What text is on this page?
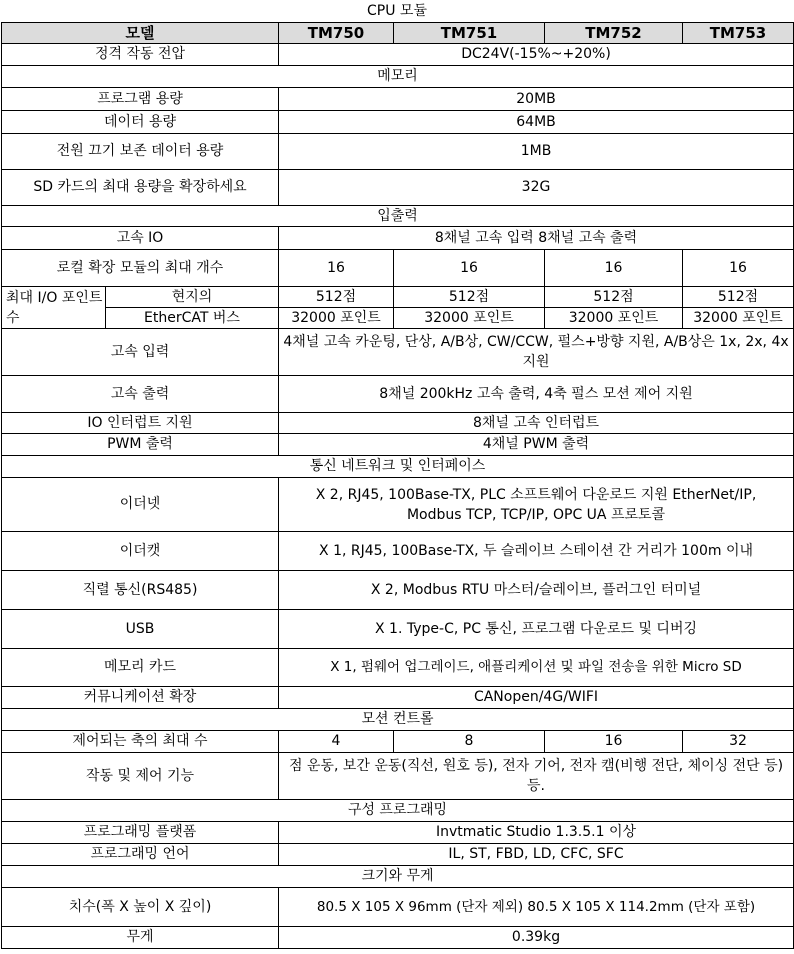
CPU 모듈
모델		TM750	TM751	TM752	TM753
정격 작동 전압		DC24V(-15%~+20%)			
메모리					
프로그램 용량		20MB			
데이터 용량		64MB			
전원 끄기 보존 데이터 용량		1MB			
SD 카드의 최대 용량을 확장하세요		32G			
입출력					
고속 IO		8채널 고속 입력 8채널 고속 출력			
로컬 확장 모듈의 최대 개수		16	16	16	16
최대 I/O 포인트 수	현지의	512점	512점	512점	512점
	EtherCAT 버스	32000 포인트	32000 포인트	32000 포인트	32000 포인트
고속 입력		4채널 고속 카운팅, 단상, A/B상, CW/CCW, 펄스+방향 지원, A/B상은 1x, 2x, 4x 지원			
고속 출력		8채널 200kHz 고속 출력, 4축 펄스 모션 제어 지원			
IO 인터럽트 지원		8채널 고속 인터럽트			
PWM 출력		4채널 PWM 출력			
통신 네트워크 및 인터페이스					
이더넷		X 2, RJ45, 100Base-TX, PLC 소프트웨어 다운로드 지원 EtherNet/IP, Modbus TCP, TCP/IP, OPC UA 프로토콜			
이더캣		X 1, RJ45, 100Base-TX, 두 슬레이브 스테이션 간 거리가 100m 이내			
직렬 통신(RS485)		X 2, Modbus RTU 마스터/슬레이브, 플러그인 터미널			
USB		X 1. Type-C, PC 통신, 프로그램 다운로드 및 디버깅			
메모리 카드		X 1, 펌웨어 업그레이드, 애플리케이션 및 파일 전송을 위한 Micro SD			
커뮤니케이션 확장		CANopen/4G/WIFI			
모션 컨트롤					
제어되는 축의 최대 수		4	8	16	32
작동 및 제어 기능		점 운동, 보간 운동(직선, 원호 등), 전자 기어, 전자 캠(비행 전단, 체이싱 전단 등) 등.			
구성 프로그래밍					
프로그래밍 플랫폼		Invtmatic Studio 1.3.5.1 이상			
프로그래밍 언어		IL, ST, FBD, LD, CFC, SFC			
크기와 무게					
치수(폭 X 높이 X 깊이)		80.5 X 105 X 96mm (단자 제외) 80.5 X 105 X 114.2mm (단자 포함)			
무게		0.39kg			
